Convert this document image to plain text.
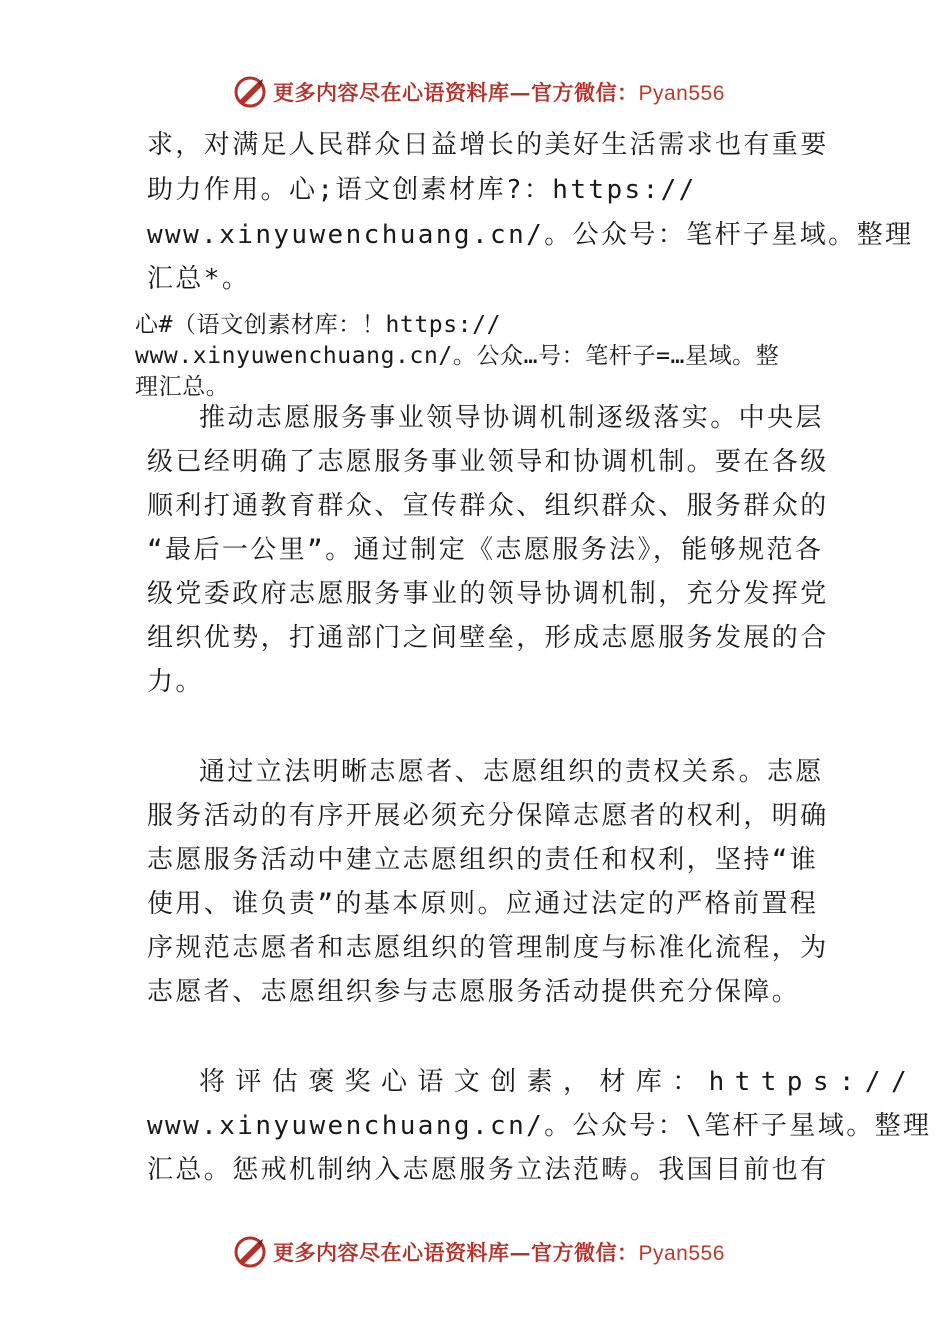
更多内容尽在心语资料库—官方微信：Pyan556
求，对满足人民群众日益增长的美好生活需求也有重要
助力作用。心;语文创素材库?：https://
www.xinyuwenchuang.cn/。公众号：笔杆子星域。整理
汇总*。
心#（语文创素材库：！https://
www.xinyuwenchuang.cn/。公众…号：笔杆子=…星域。整
理汇总。
推动志愿服务事业领导协调机制逐级落实。中央层
级已经明确了志愿服务事业领导和协调机制。要在各级
顺利打通教育群众、宣传群众、组织群众、服务群众的
“最后一公里”。通过制定《志愿服务法》，能够规范各
级党委政府志愿服务事业的领导协调机制，充分发挥党
组织优势，打通部门之间壁垒，形成志愿服务发展的合
力。
通过立法明晰志愿者、志愿组织的责权关系。志愿
服务活动的有序开展必须充分保障志愿者的权利，明确
志愿服务活动中建立志愿组织的责任和权利，坚持“谁
使用、谁负责”的基本原则。应通过法定的严格前置程
序规范志愿者和志愿组织的管理制度与标准化流程，为
志愿者、志愿组织参与志愿服务活动提供充分保障。
将评估褒奖心语文创素，材库：https://
www.xinyuwenchuang.cn/。公众号：\笔杆子星域。整理
汇总。惩戒机制纳入志愿服务立法范畴。我国目前也有
更多内容尽在心语资料库—官方微信：Pyan556
